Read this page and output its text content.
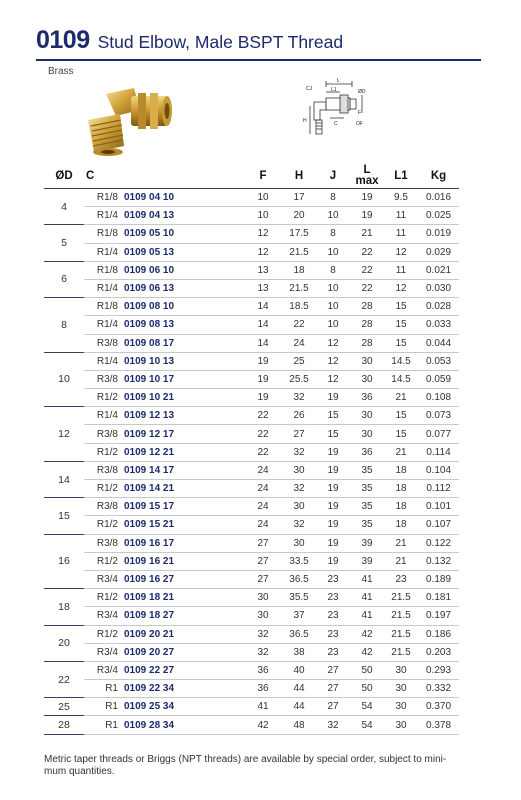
0109 Stud Elbow, Male BSPT Thread
Brass
L
CJ	L1	ØD
H	C
F
OF
ØD	C		F	H	J	L
max	L1	Kg
4	R1/8	0109 04 10	10	17	8	19	9.5	0.016
	R1/4	0109 04 13	10	20	10	19	11	0.025
5	R1/8	0109 05 10	12	17.5	8	21	11	0.019
	R1/4	0109 05 13	12	21.5	10	22	12	0.029
6	R1/8	0109 06 10	13	18	8	22	11	0.021
	R1/4	0109 06 13	13	21.5	10	22	12	0.030
8	R1/8	0109 08 10	14	18.5	10	28	15	0.028
	R1/4	0109 08 13	14	22	10	28	15	0.033
	R3/8	0109 08 17	14	24	12	28	15	0.044
10	R1/4	0109 10 13	19	25	12	30	14.5	0.053
	R3/8	0109 10 17	19	25.5	12	30	14.5	0.059
	R1/2	0109 10 21	19	32	19	36	21	0.108
12	R1/4	0109 12 13	22	26	15	30	15	0.073
	R3/8	0109 12 17	22	27	15	30	15	0.077
	R1/2	0109 12 21	22	32	19	36	21	0.114
14	R3/8	0109 14 17	24	30	19	35	18	0.104
	R1/2	0109 14 21	24	32	19	35	18	0.112
15	R3/8	0109 15 17	24	30	19	35	18	0.101
	R1/2	0109 15 21	24	32	19	35	18	0.107
16	R3/8	0109 16 17	27	30	19	39	21	0.122
	R1/2	0109 16 21	27	33.5	19	39	21	0.132
	R3/4	0109 16 27	27	36.5	23	41	23	0.189
18	R1/2	0109 18 21	30	35.5	23	41	21.5	0.181
	R3/4	0109 18 27	30	37	23	41	21.5	0.197
20	R1/2	0109 20 21	32	36.5	23	42	21.5	0.186
	R3/4	0109 20 27	32	38	23	42	21.5	0.203
22	R3/4	0109 22 27	36	40	27	50	30	0.293
	R1	0109 22 34	36	44	27	50	30	0.332
25	R1	0109 25 34	41	44	27	54	30	0.370
28	R1	0109 28 34	42	48	32	54	30	0.378
Metric taper threads or Briggs (NPT threads) are available by special order, subject to mini-mum quantities.
